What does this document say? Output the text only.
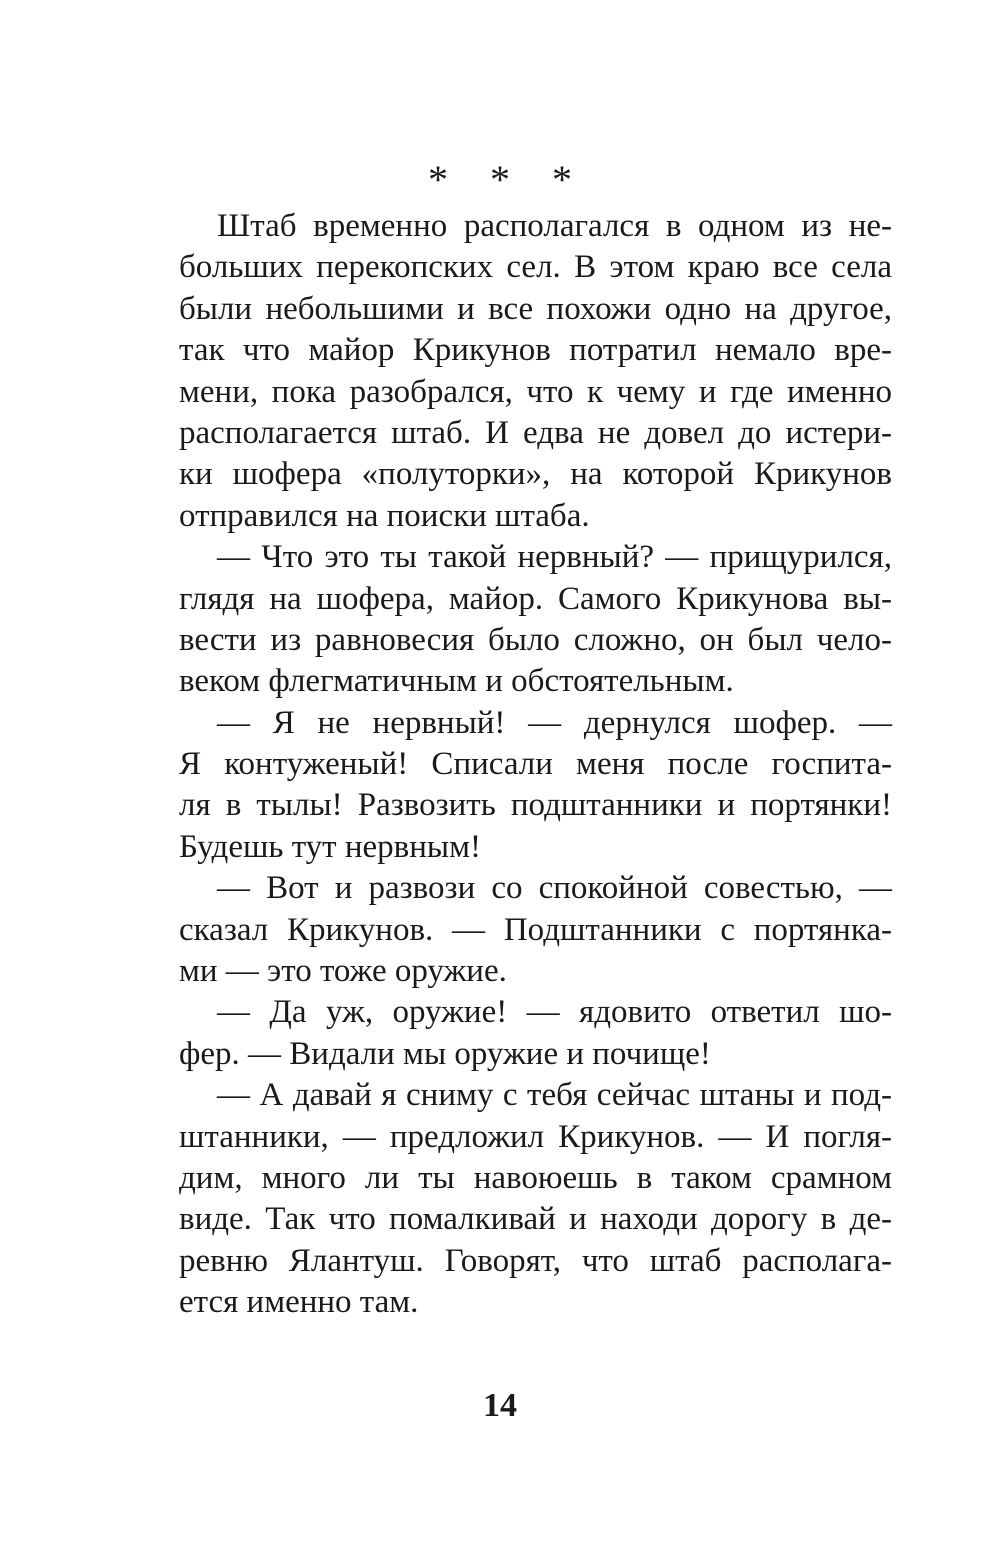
* * *
Штаб временно располагался в одном из не-
больших перекопских сел. В этом краю все села
были небольшими и все похожи одно на другое,
так что майор Крикунов потратил немало вре-
мени, пока разобрался, что к чему и где именно
располагается штаб. И едва не довел до истери-
ки шофера «полуторки», на которой Крикунов
отправился на поиски штаба.
— Что это ты такой нервный? — прищурился,
глядя на шофера, майор. Самого Крикунова вы-
вести из равновесия было сложно, он был чело-
веком флегматичным и обстоятельным.
— Я не нервный! — дернулся шофер. —
Я контуженый! Списали меня после госпита-
ля в тылы! Развозить подштанники и портянки!
Будешь тут нервным!
— Вот и развози со спокойной совестью, —
сказал Крикунов. — Подштанники с портянка-
ми — это тоже оружие.
— Да уж, оружие! — ядовито ответил шо-
фер. — Видали мы оружие и почище!
— А давай я сниму с тебя сейчас штаны и под-
штанники, — предложил Крикунов. — И погля-
дим, много ли ты навоюешь в таком срамном
виде. Так что помалкивай и находи дорогу в де-
ревню Ялантуш. Говорят, что штаб располага-
ется именно там.
14
